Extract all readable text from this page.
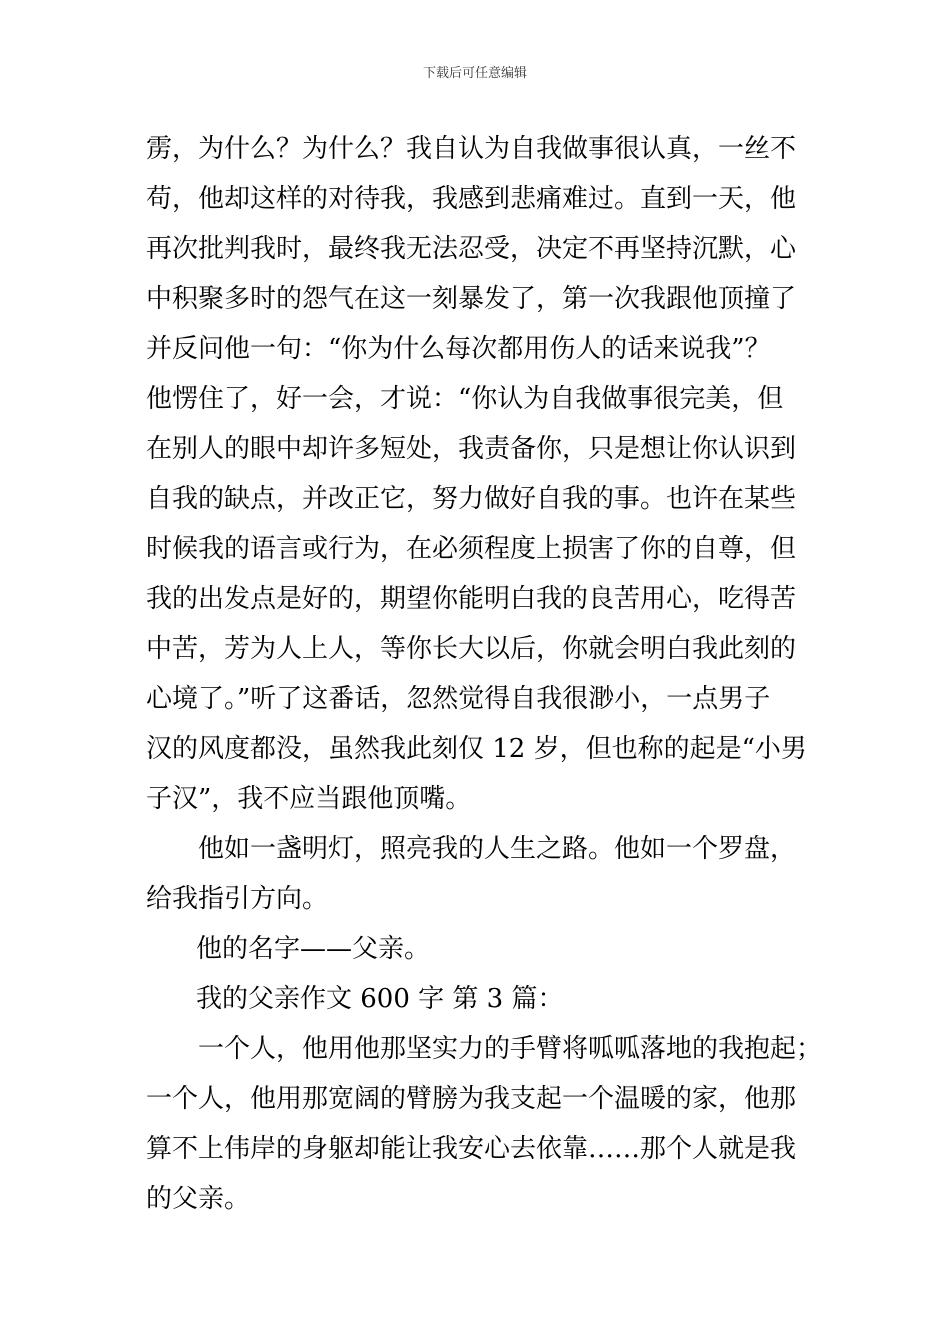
下载后可任意编辑
雳，为什么？为什么？我自认为自我做事很认真，一丝不
苟，他却这样的对待我，我感到悲痛难过。直到一天，他
再次批判我时，最终我无法忍受，决定不再坚持沉默，心
中积聚多时的怨气在这一刻暴发了，第一次我跟他顶撞了
并反问他一句：“你为什么每次都用伤人的话来说我”？
他愣住了，好一会，才说：“你认为自我做事很完美，但
在别人的眼中却许多短处，我责备你，只是想让你认识到
自我的缺点，并改正它，努力做好自我的事。也许在某些
时候我的语言或行为，在必须程度上损害了你的自尊，但
我的出发点是好的，期望你能明白我的良苦用心，吃得苦
中苦，芳为人上人，等你长大以后，你就会明白我此刻的
心境了。”听了这番话，忽然觉得自我很渺小，一点男子
汉的风度都没，虽然我此刻仅 12 岁，但也称的起是“小男
子汉”，我不应当跟他顶嘴。
他如一盏明灯，照亮我的人生之路。他如一个罗盘，
给我指引方向。
他的名字——父亲。
我的父亲作文 600 字 第 3 篇：
一个人，他用他那坚实力的手臂将呱呱落地的我抱起；
一个人，他用那宽阔的臂膀为我支起一个温暖的家，他那
算不上伟岸的身躯却能让我安心去依靠……那个人就是我
的父亲。
